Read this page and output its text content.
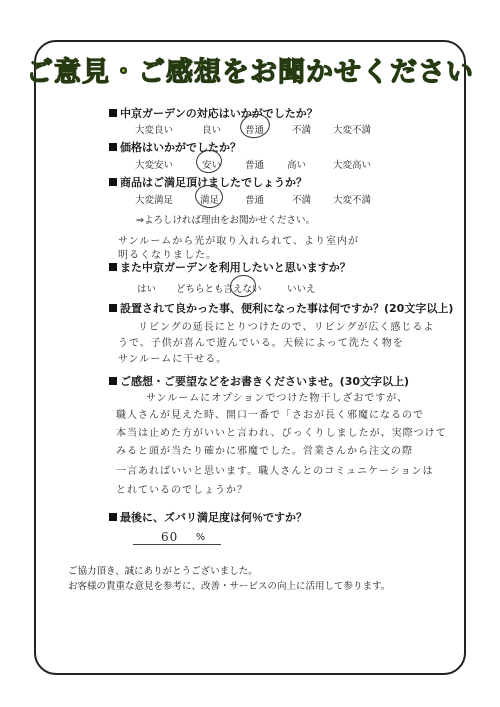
ご意見・ご感想をお聞かせください
中京ガーデンの対応はいかがでしたか？
大変良い	良い	普通	不満 大変不満
価格はいかがでしたか？
大変安い	安い	普通 高い	大変高い
商品はご満足頂けましたでしょうか？
大変満足	満足	普通	不満 大変不満
⇒よろしければ理由をお聞かせください。
サンルームから光が取り入れられて、より室内が
明るくなりました。
また中京ガーデンを利用したいと思いますか？
はい どちらとも言えない	いいえ
設置されて良かった事、便利になった事は何ですか？(20文字以上)
リビングの延長にとりつけたので、リビングが広く感じるよ
うで、子供が喜んで遊んでいる。天候によって洗たく物を
サンルームに干せる。
ご感想・ご要望などをお書きくださいませ。(30文字以上)
サンルームにオプションでつけた物干しざおですが、
職人さんが見えた時、開口一番で「さおが長く邪魔になるので
本当は止めた方がいいと言われ、びっくりしましたが、実際つけて
みると頭が当たり確かに邪魔でした。営業さんから注文の際
一言あればいいと思います。職人さんとのコミュニケーションは
とれているのでしょうか？
最後に、ズバリ満足度は何％ですか？
60 %
ご協力頂き、誠にありがとうございました。
お客様の貴重な意見を参考に、改善・サービスの向上に活用して参ります。
